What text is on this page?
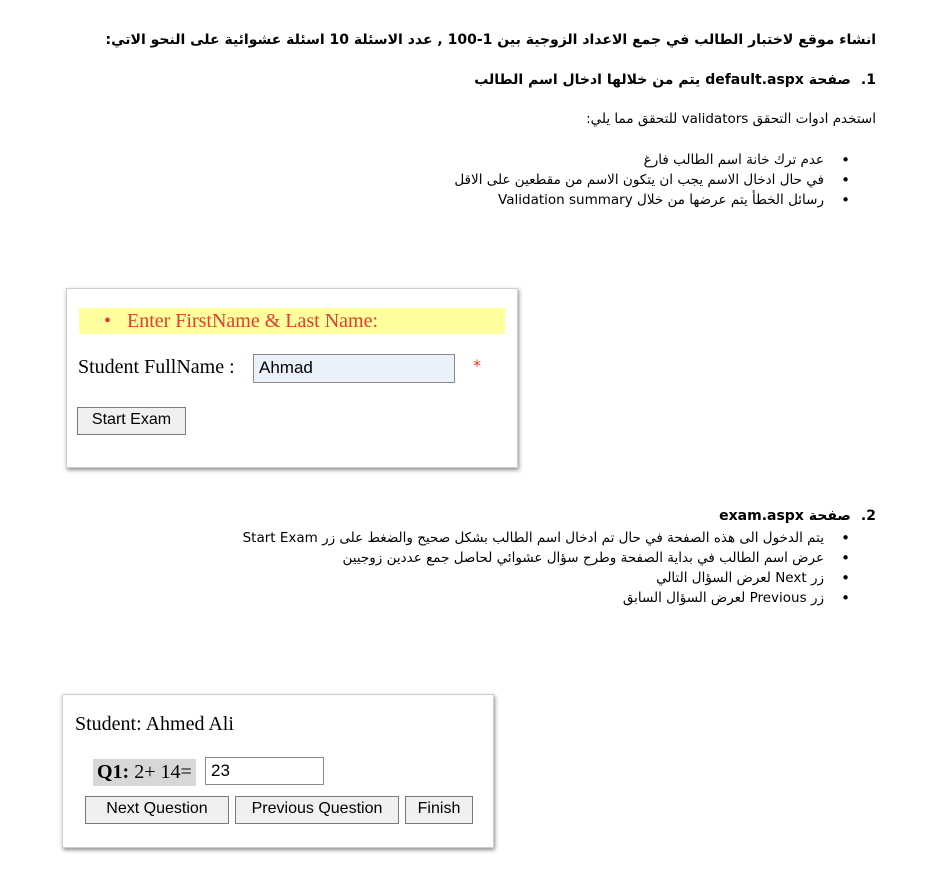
انشاء موقع لاختبار الطالب في جمع الاعداد الزوجية بين 1-100 , عدد الاسئلة 10 اسئلة عشوائية على النحو الاتي:
1.صفحة default.aspx يتم من خلالها ادخال اسم الطالب
استخدم ادوات التحقق validators للتحقق مما يلي:
• عدم ترك خانة اسم الطالب فارغ
• في حال ادخال الاسم يجب ان يتكون الاسم من مقطعين على الاقل
• رسائل الخطأ يتم عرضها من خلال Validation summary
• Enter FirstName & Last Name:
Student FullName :	Ahmad	*
Start Exam
2.صفحة exam.aspx
• يتم الدخول الى هذه الصفحة في حال تم ادخال اسم الطالب بشكل صحيح والضغط على زر Start Exam
• عرض اسم الطالب في بداية الصفحة وطرح سؤال عشوائي لحاصل جمع عددين زوجيين
• زر Next لعرض السؤال التالي
• زر Previous لعرض السؤال السابق
Student: Ahmed Ali
Q1: 2+ 14=	23
Next Question	Previous Question	Finish
